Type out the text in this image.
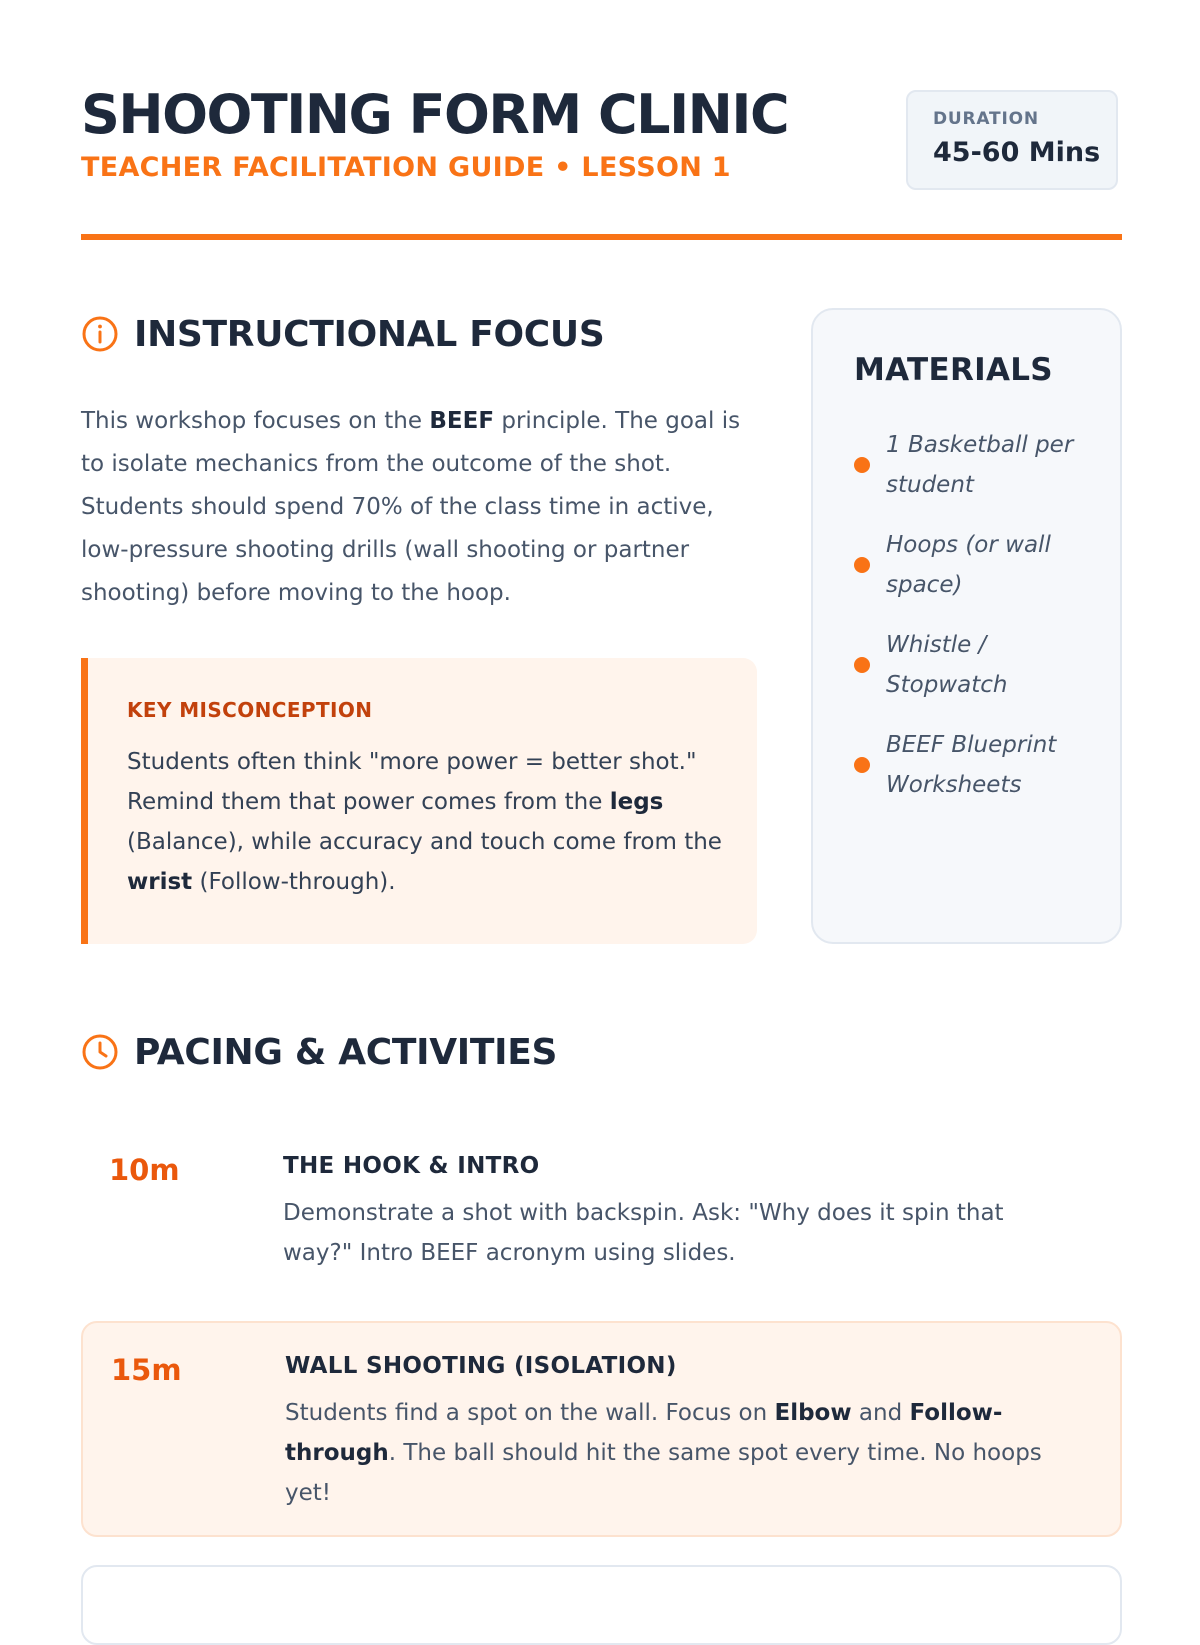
SHOOTING FORM CLINIC
TEACHER FACILITATION GUIDE • LESSON 1
DURATION
45-60 Mins
INSTRUCTIONAL FOCUS
This workshop focuses on the BEEF principle. The goal is to isolate mechanics from the outcome of the shot. Students should spend 70% of the class time in active, low-pressure shooting drills (wall shooting or partner shooting) before moving to the hoop.
KEY MISCONCEPTION
Students often think "more power = better shot." Remind them that power comes from the legs (Balance), while accuracy and touch come from the wrist (Follow-through).
MATERIALS
1 Basketball per student
Hoops (or wall space)
Whistle / Stopwatch
BEEF Blueprint Worksheets
PACING & ACTIVITIES
10m	THE HOOK & INTRO
Demonstrate a shot with backspin. Ask: "Why does it spin that way?" Intro BEEF acronym using slides.
15m	WALL SHOOTING (ISOLATION)
Students find a spot on the wall. Focus on Elbow and Follow-through. The ball should hit the same spot every time. No hoops yet!
